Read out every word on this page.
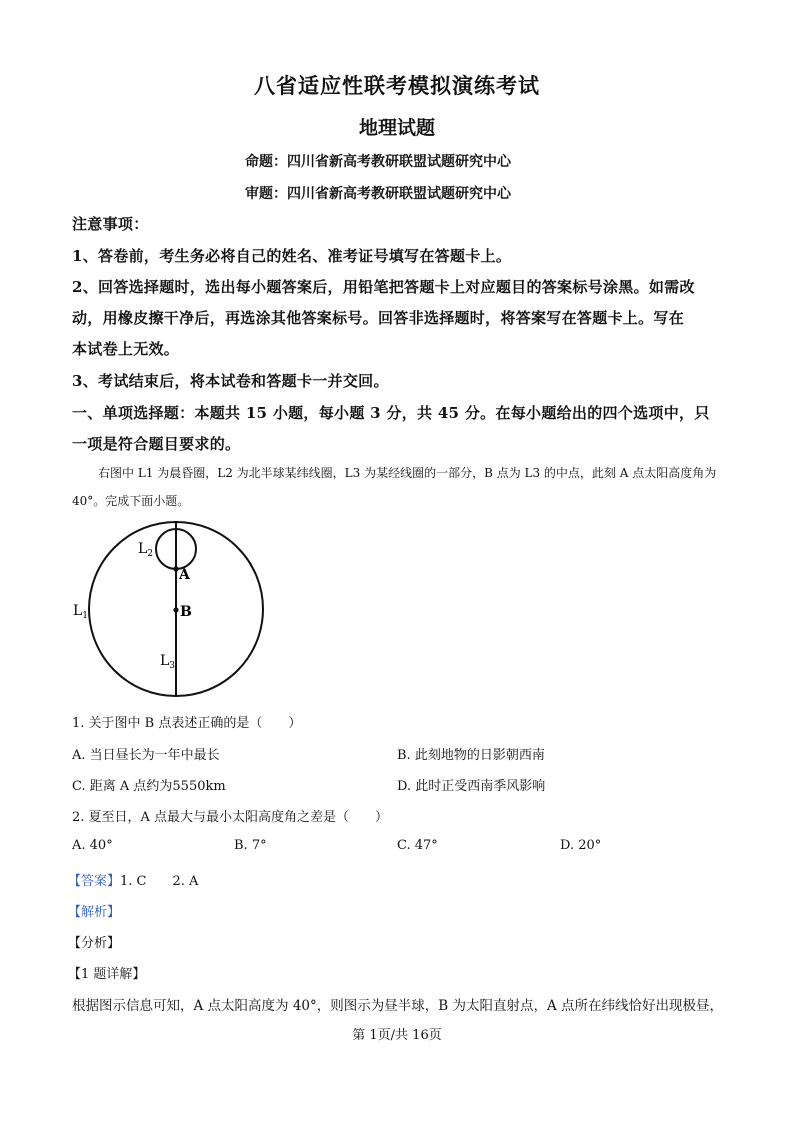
八省适应性联考模拟演练考试
地理试题
命题：四川省新高考教研联盟试题研究中心
审题：四川省新高考教研联盟试题研究中心
注意事项：
1、答卷前，考生务必将自己的姓名、准考证号填写在答题卡上。
2、回答选择题时，选出每小题答案后，用铅笔把答题卡上对应题目的答案标号涂黑。如需改
动，用橡皮擦干净后，再选涂其他答案标号。回答非选择题时，将答案写在答题卡上。写在
本试卷上无效。
3、考试结束后，将本试卷和答题卡一并交回。
一、单项选择题：本题共 15 小题，每小题 3 分，共 45 分。在每小题给出的四个选项中，只
一项是符合题目要求的。
右图中 L1 为晨昏圈，L2 为北半球某纬线圈，L3 为某经线圈的一部分，B 点为 L3 的中点，此刻 A 点太阳高度角为 40°。完成下面小题。
$L_2$
A
$L_1$	B
$L_3$
1. 关于图中 B 点表述正确的是（　　）
A. 当日昼长为一年中最长	B. 此刻地物的日影朝西南
C. 距离 A 点约为5550km	D. 此时正受西南季风影响
2. 夏至日，A 点最大与最小太阳高度角之差是（　　）
A. 40°	B. 7°	C. 47°	D. 20°
【答案】1. C　　2. A
【解析】
【分析】
【1 题详解】
根据图示信息可知，A 点太阳高度为 40°，则图示为昼半球，B 为太阳直射点，A 点所在纬线恰好出现极昼，
第 1页/共 16页
